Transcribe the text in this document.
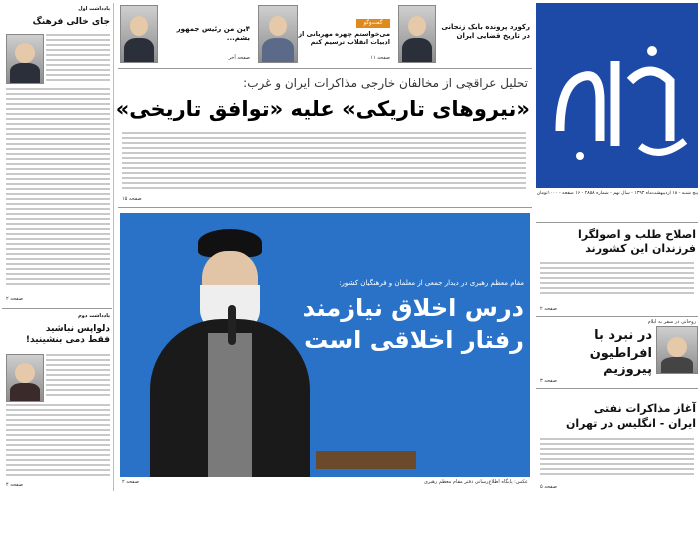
پنج شنبه - ۱۸ اردیبهشت‌ماه ۱۳۹۳ - سال نهم - شماره ۲۸۵۸ - ۱۶ صفحه - ۱۰۰۰تومان
رکورد پرونده بابک زنجانی در تاریخ قضایی ایران
گفت‌وگو
می‌خواستم چهره مهربانی از ادبیات انقلاب ترسیم کنم
صفحه ۱۱
۴ین من رئیس جمهور بشم...
صفحه آخر
تحلیل عراقچی از مخالفان خارجی مذاکرات ایران و غرب:
«نیروهای تاریکی» علیه «توافق تاریخی»
صفحه ۱۵
مقام معظم رهبری در دیدار جمعی از معلمان و فرهنگیان کشور:
درس اخلاق نیازمند
رفتار اخلاقی است
صفحه ۲	عکس: پایگاه اطلاع‌رسانی دفتر مقام معظم رهبری
اصلاح طلب و اصولگرا فرزندان این کشورند
صفحه ۲
روحانی در سفر به ایلام
در نبرد با
افراطیون پیروزیم
صفحه ۳
آغاز مذاکرات نفتی
ایران - انگلیس در تهران
صفحه ۵
یادداشت اول
جای خالی فرهنگ
صفحه ۲
یادداشت دوم
دلواپس نباشید
فقط دمی بنشینید!
صفحه ۴
